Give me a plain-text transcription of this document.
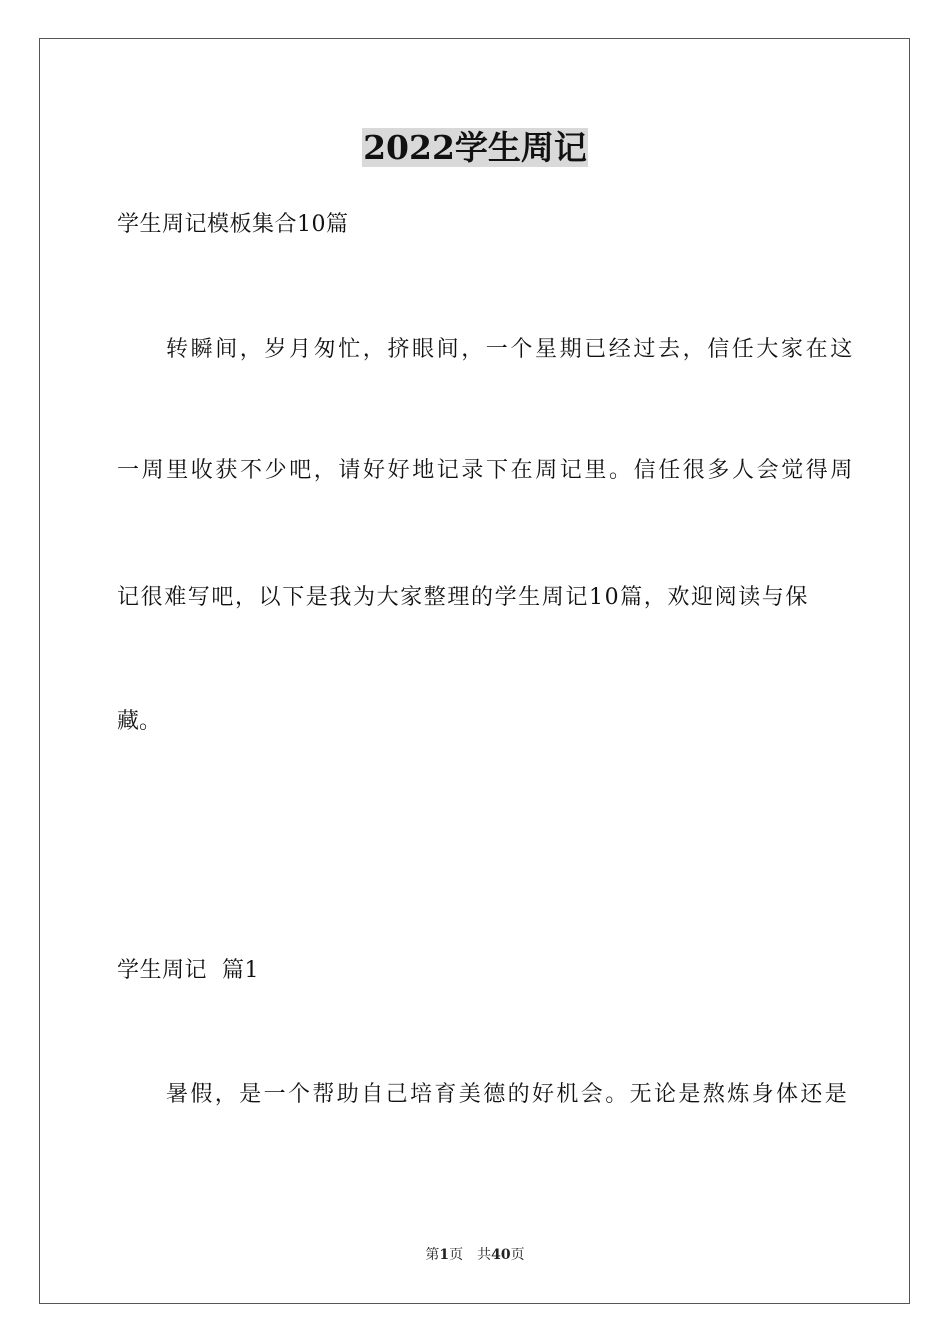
2022学生周记
学生周记模板集合10篇
转瞬间，岁月匆忙，挤眼间，一个星期已经过去，信任大家在这
一周里收获不少吧，请好好地记录下在周记里。信任很多人会觉得周
记很难写吧，以下是我为大家整理的学生周记10篇，欢迎阅读与保
藏。
学生周记  篇1
暑假，是一个帮助自己培育美德的好机会。无论是熬炼身体还是
第1页 共40页
